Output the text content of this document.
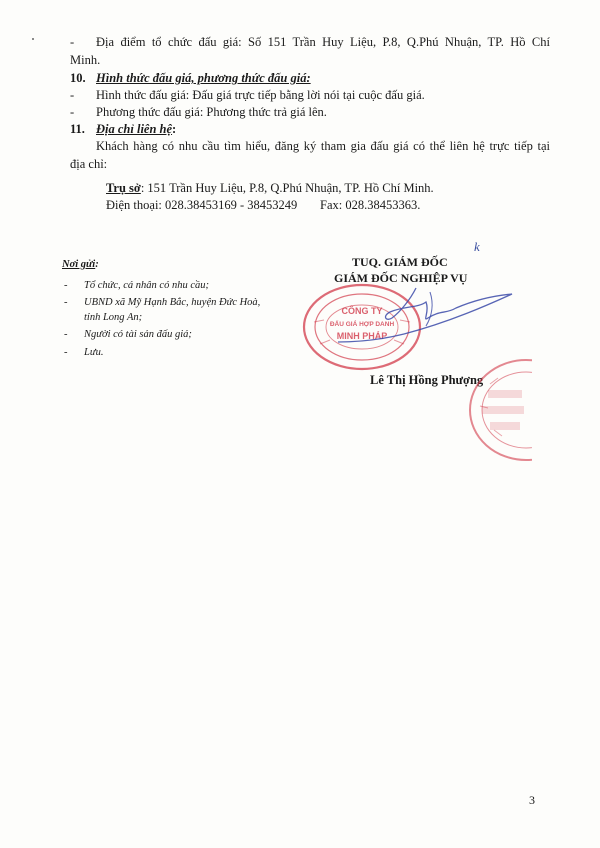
- Địa điểm tổ chức đấu giá: Số 151 Trần Huy Liệu, P.8, Q.Phú Nhuận, TP. Hồ Chí
Minh.
10. Hình thức đấu giá, phương thức đấu giá:
- Hình thức đấu giá: Đấu giá trực tiếp bằng lời nói tại cuộc đấu giá.
- Phương thức đấu giá: Phương thức trả giá lên.
11. Địa chỉ liên hệ:
Khách hàng có nhu cầu tìm hiểu, đăng ký tham gia đấu giá có thể liên hệ trực tiếp tại
địa chỉ:
Trụ sở: 151 Trần Huy Liệu, P.8, Q.Phú Nhuận, TP. Hồ Chí Minh.
Điện thoại: 028.38453169 - 38453249 Fax: 028.38453363.
Nơi gửi:
- Tổ chức, cá nhân có nhu cầu;
- UBND xã Mỹ Hạnh Bắc, huyện Đức Hoà,
tỉnh Long An;
- Người có tài sản đấu giá;
- Lưu.
TUQ. GIÁM ĐỐC
GIÁM ĐỐC NGHIỆP VỤ
k
CÔNG TY
ĐẤU GIÁ HỢP DANH
MINH PHÁP
Lê Thị Hồng Phượng
3
